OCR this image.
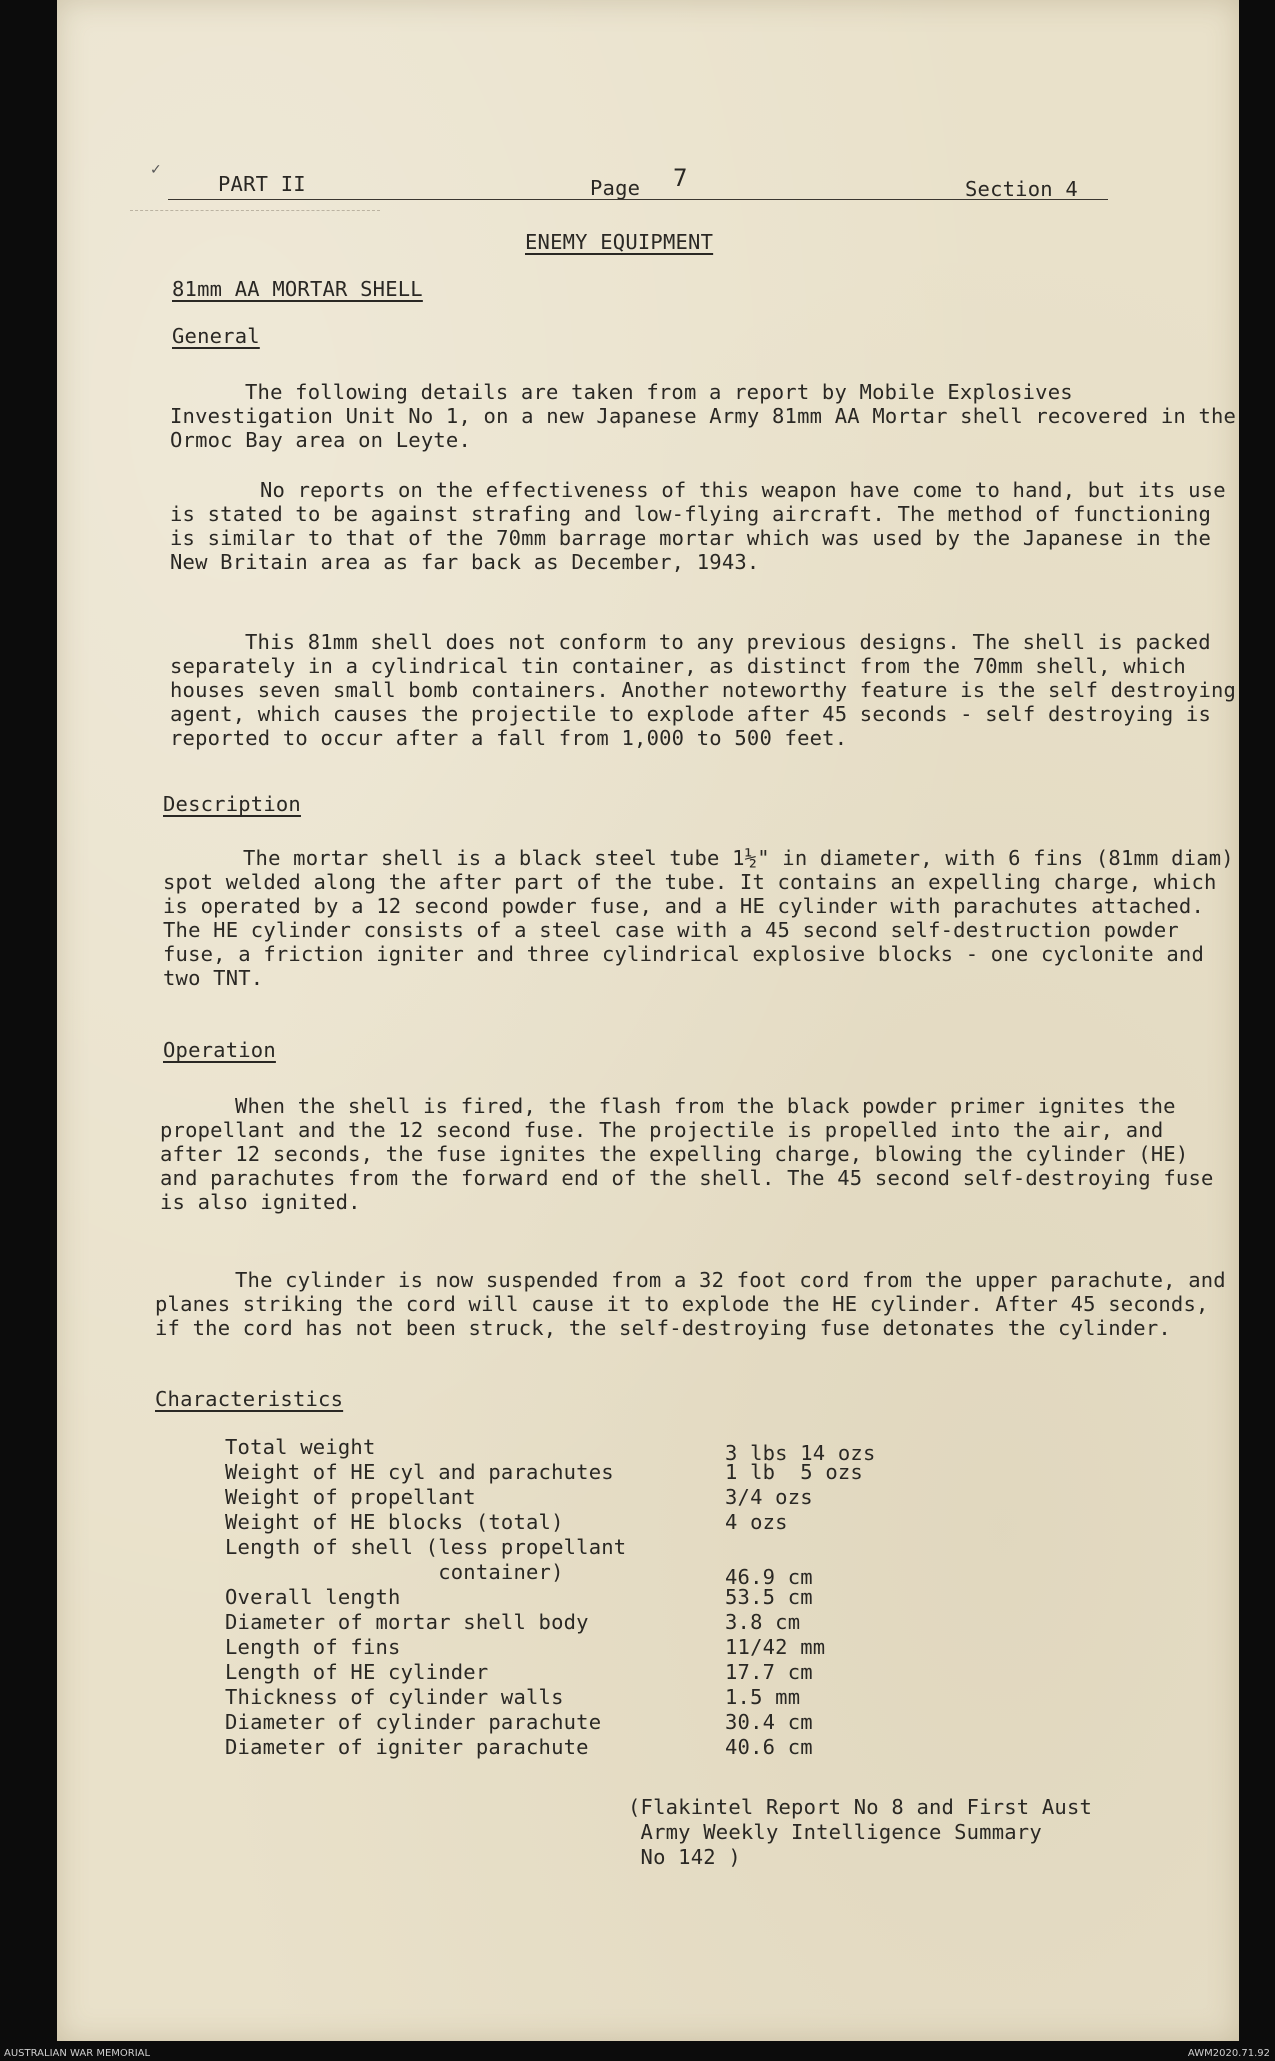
PART II	Page 7	Section 4
✓
ENEMY EQUIPMENT
81mm AA MORTAR SHELL
General

The following details are taken from a report by Mobile Explosives Investigation Unit No 1, on a new Japanese Army 81mm AA Mortar shell recovered in the Ormoc Bay area on Leyte.

No reports on the effectiveness of this weapon have come to hand, but its use is stated to be against strafing and low-flying aircraft. The method of functioning is similar to that of the 70mm barrage mortar which was used by the Japanese in the New Britain area as far back as December, 1943.

This 81mm shell does not conform to any previous designs. The shell is packed separately in a cylindrical tin container, as distinct from the 70mm shell, which houses seven small bomb containers. Another noteworthy feature is the self destroying agent, which causes the projectile to explode after 45 seconds - self destroying is reported to occur after a fall from 1,000 to 500 feet.

Description

The mortar shell is a black steel tube 1½" in diameter, with 6 fins (81mm diam) spot welded along the after part of the tube. It contains an expelling charge, which is operated by a 12 second powder fuse, and a HE cylinder with parachutes attached. The HE cylinder consists of a steel case with a 45 second self-destruction powder fuse, a friction igniter and three cylindrical explosive blocks - one cyclonite and two TNT.

Operation

When the shell is fired, the flash from the black powder primer ignites the propellant and the 12 second fuse. The projectile is propelled into the air, and after 12 seconds, the fuse ignites the expelling charge, blowing the cylinder (HE) and parachutes from the forward end of the shell. The 45 second self-destroying fuse is also ignited.

The cylinder is now suspended from a 32 foot cord from the upper parachute, and planes striking the cord will cause it to explode the HE cylinder. After 45 seconds, if the cord has not been struck, the self-destroying fuse detonates the cylinder.

Characteristics
Total weight	3 lbs 14 ozs
Weight of HE cyl and parachutes	1 lb  5 ozs
Weight of propellant	3/4 ozs
Weight of HE blocks (total)	4 ozs
Length of shell (less propellant
container)	46.9 cm
Overall length	53.5 cm
Diameter of mortar shell body	3.8 cm
Length of fins	11/42 mm
Length of HE cylinder	17.7 cm
Thickness of cylinder walls	1.5 mm
Diameter of cylinder parachute	30.4 cm
Diameter of igniter parachute	40.6 cm
(Flakintel Report No 8 and First Aust
Army Weekly Intelligence Summary
No 142 )
AUSTRALIAN WAR MEMORIAL	AWM2020.71.92
